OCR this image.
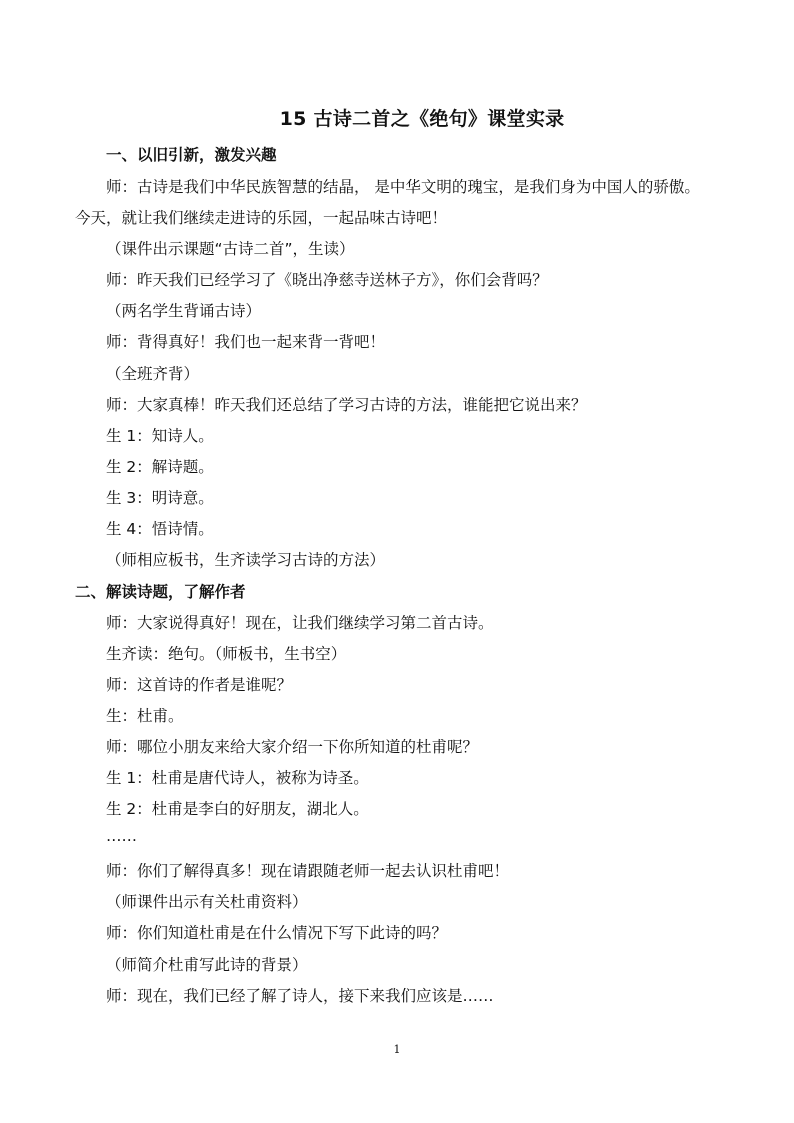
15 古诗二首之《绝句》课堂实录
一、以旧引新，激发兴趣
师：古诗是我们中华民族智慧的结晶， 是中华文明的瑰宝，是我们身为中国人的骄傲。
今天，就让我们继续走进诗的乐园，一起品味古诗吧！
（课件出示课题“古诗二首”，生读）
师：昨天我们已经学习了《晓出净慈寺送林子方》，你们会背吗？
（两名学生背诵古诗）
师：背得真好！我们也一起来背一背吧！
（全班齐背）
师：大家真棒！昨天我们还总结了学习古诗的方法，谁能把它说出来？
生 1：知诗人。
生 2：解诗题。
生 3：明诗意。
生 4：悟诗情。
（师相应板书，生齐读学习古诗的方法）
二、解读诗题，了解作者
师：大家说得真好！现在，让我们继续学习第二首古诗。
生齐读：绝句。（师板书，生书空）
师：这首诗的作者是谁呢？
生：杜甫。
师：哪位小朋友来给大家介绍一下你所知道的杜甫呢？
生 1：杜甫是唐代诗人，被称为诗圣。
生 2：杜甫是李白的好朋友，湖北人。
……
师：你们了解得真多！现在请跟随老师一起去认识杜甫吧！
（师课件出示有关杜甫资料）
师：你们知道杜甫是在什么情况下写下此诗的吗？
（师简介杜甫写此诗的背景）
师：现在，我们已经了解了诗人，接下来我们应该是……
1
